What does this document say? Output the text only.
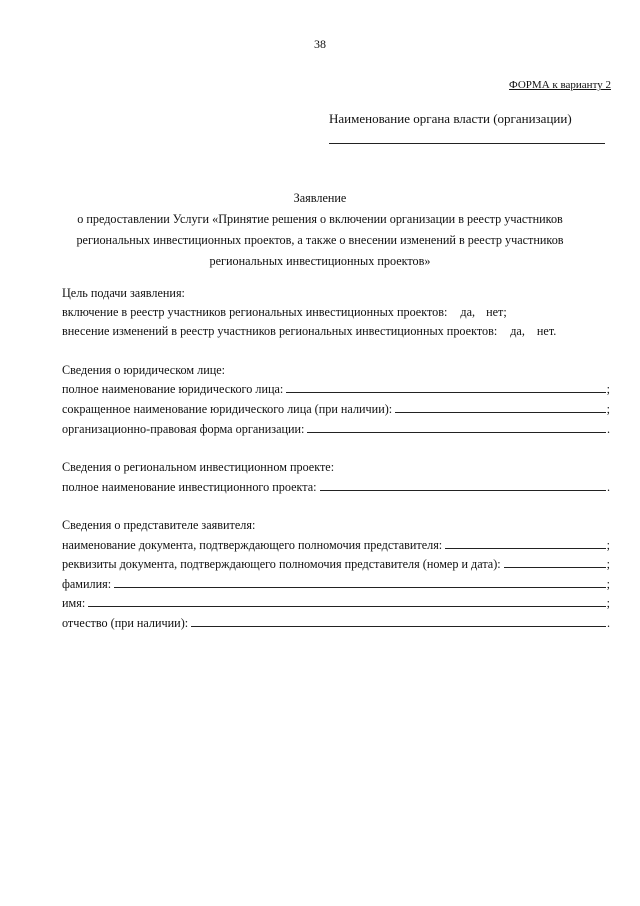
38
ФОРМА к варианту 2
Наименование органа власти (организации)
Заявление
о предоставлении Услуги «Принятие решения о включении организации в реестр участников
региональных инвестиционных проектов, а также о внесении изменений в реестр участников
региональных инвестиционных проектов»
Цель подачи заявления:
включение в реестр участников региональных инвестиционных проектов: да, нет;
внесение изменений в реестр участников региональных инвестиционных проектов: да, нет.
Сведения о юридическом лице:
полное наименование юридического лица:	;
сокращенное наименование юридического лица (при наличии):	;
организационно-правовая форма организации:	.
Сведения о региональном инвестиционном проекте:
полное наименование инвестиционного проекта:	.
Сведения о представителе заявителя:
наименование документа, подтверждающего полномочия представителя:	;
реквизиты документа, подтверждающего полномочия представителя (номер и дата):	;
фамилия:	;
имя:	;
отчество (при наличии):	.
